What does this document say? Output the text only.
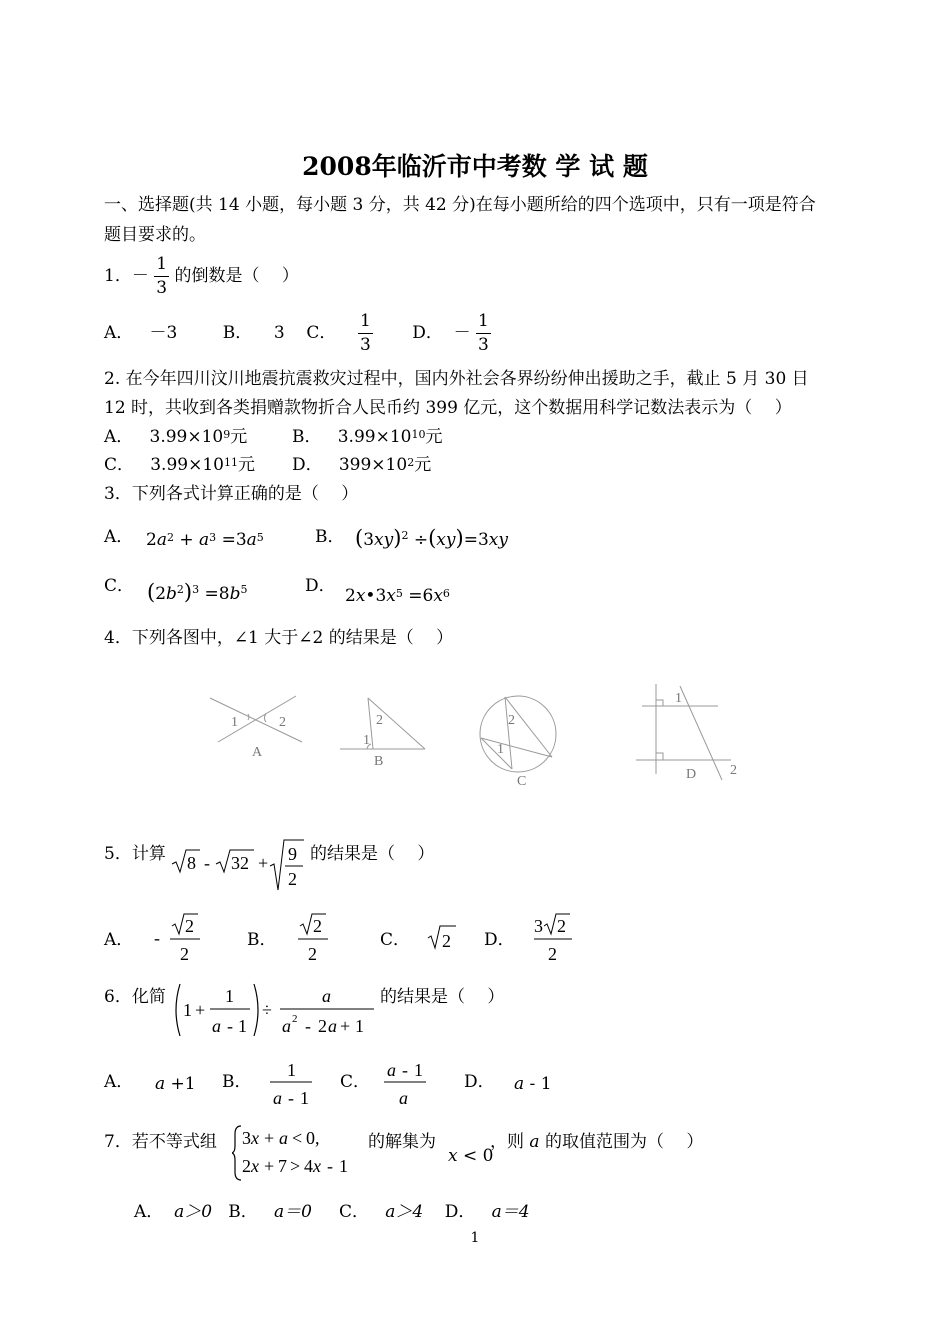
2008年临沂市中考数 学 试 题
一、选择题(共 14 小题，每小题 3 分，共 42 分)在每小题所给的四个选项中，只有一项是符合
题目要求的。
1．－ $\frac{1}{3}$ 的倒数是（　 ）
A． －3	B． 3 C． $\frac{1}{3}$ D． － $\frac{1}{3}$
2. 在今年四川汶川地震抗震救灾过程中，国内外社会各界纷纷伸出援助之手，截止 5 月 30 日
12 时，共收到各类捐赠款物折合人民币约 399 亿元，这个数据用科学记数法表示为（　 ）
A． $3.99\times 10^9$元	B． $3.99\times 10^{10}$元
C． $3.99\times 10^{11}$元 D． $399\times 10^2$元
3．下列各式计算正确的是（　 ）
A． $2a^2 + a^3 =3a^5$	B． $(3xy)^2 \div(xy)=3xy$
C． $(2b^2)^3 =8b^5$	D． $2x•3x^5 =6x^6$
4．下列各图中，∠1 大于∠2 的结果是（　 ）
1	2
A
2
1
B
2
1
C
1
2
D
5．计算 8 - 32 + 9
2
的结果是（　 ）
A． -
2
2
B．
2
2
C． 2 D．
3 2
2
6．化简
1 +
1
a - 1
÷
a
a 2 - 2 a + 1
的结果是（　 ）
A． a +1 B．
1
a - 1
C．
a - 1
a
D． a - 1
7．若不等式组 3 x + a < 0,
2 x + 7 > 4 x - 1
的解集为
x < 0
，则 a 的取值范围为（　 ）
A． a＞0 B． a＝0 C． a＞4 D． a＝4
1
